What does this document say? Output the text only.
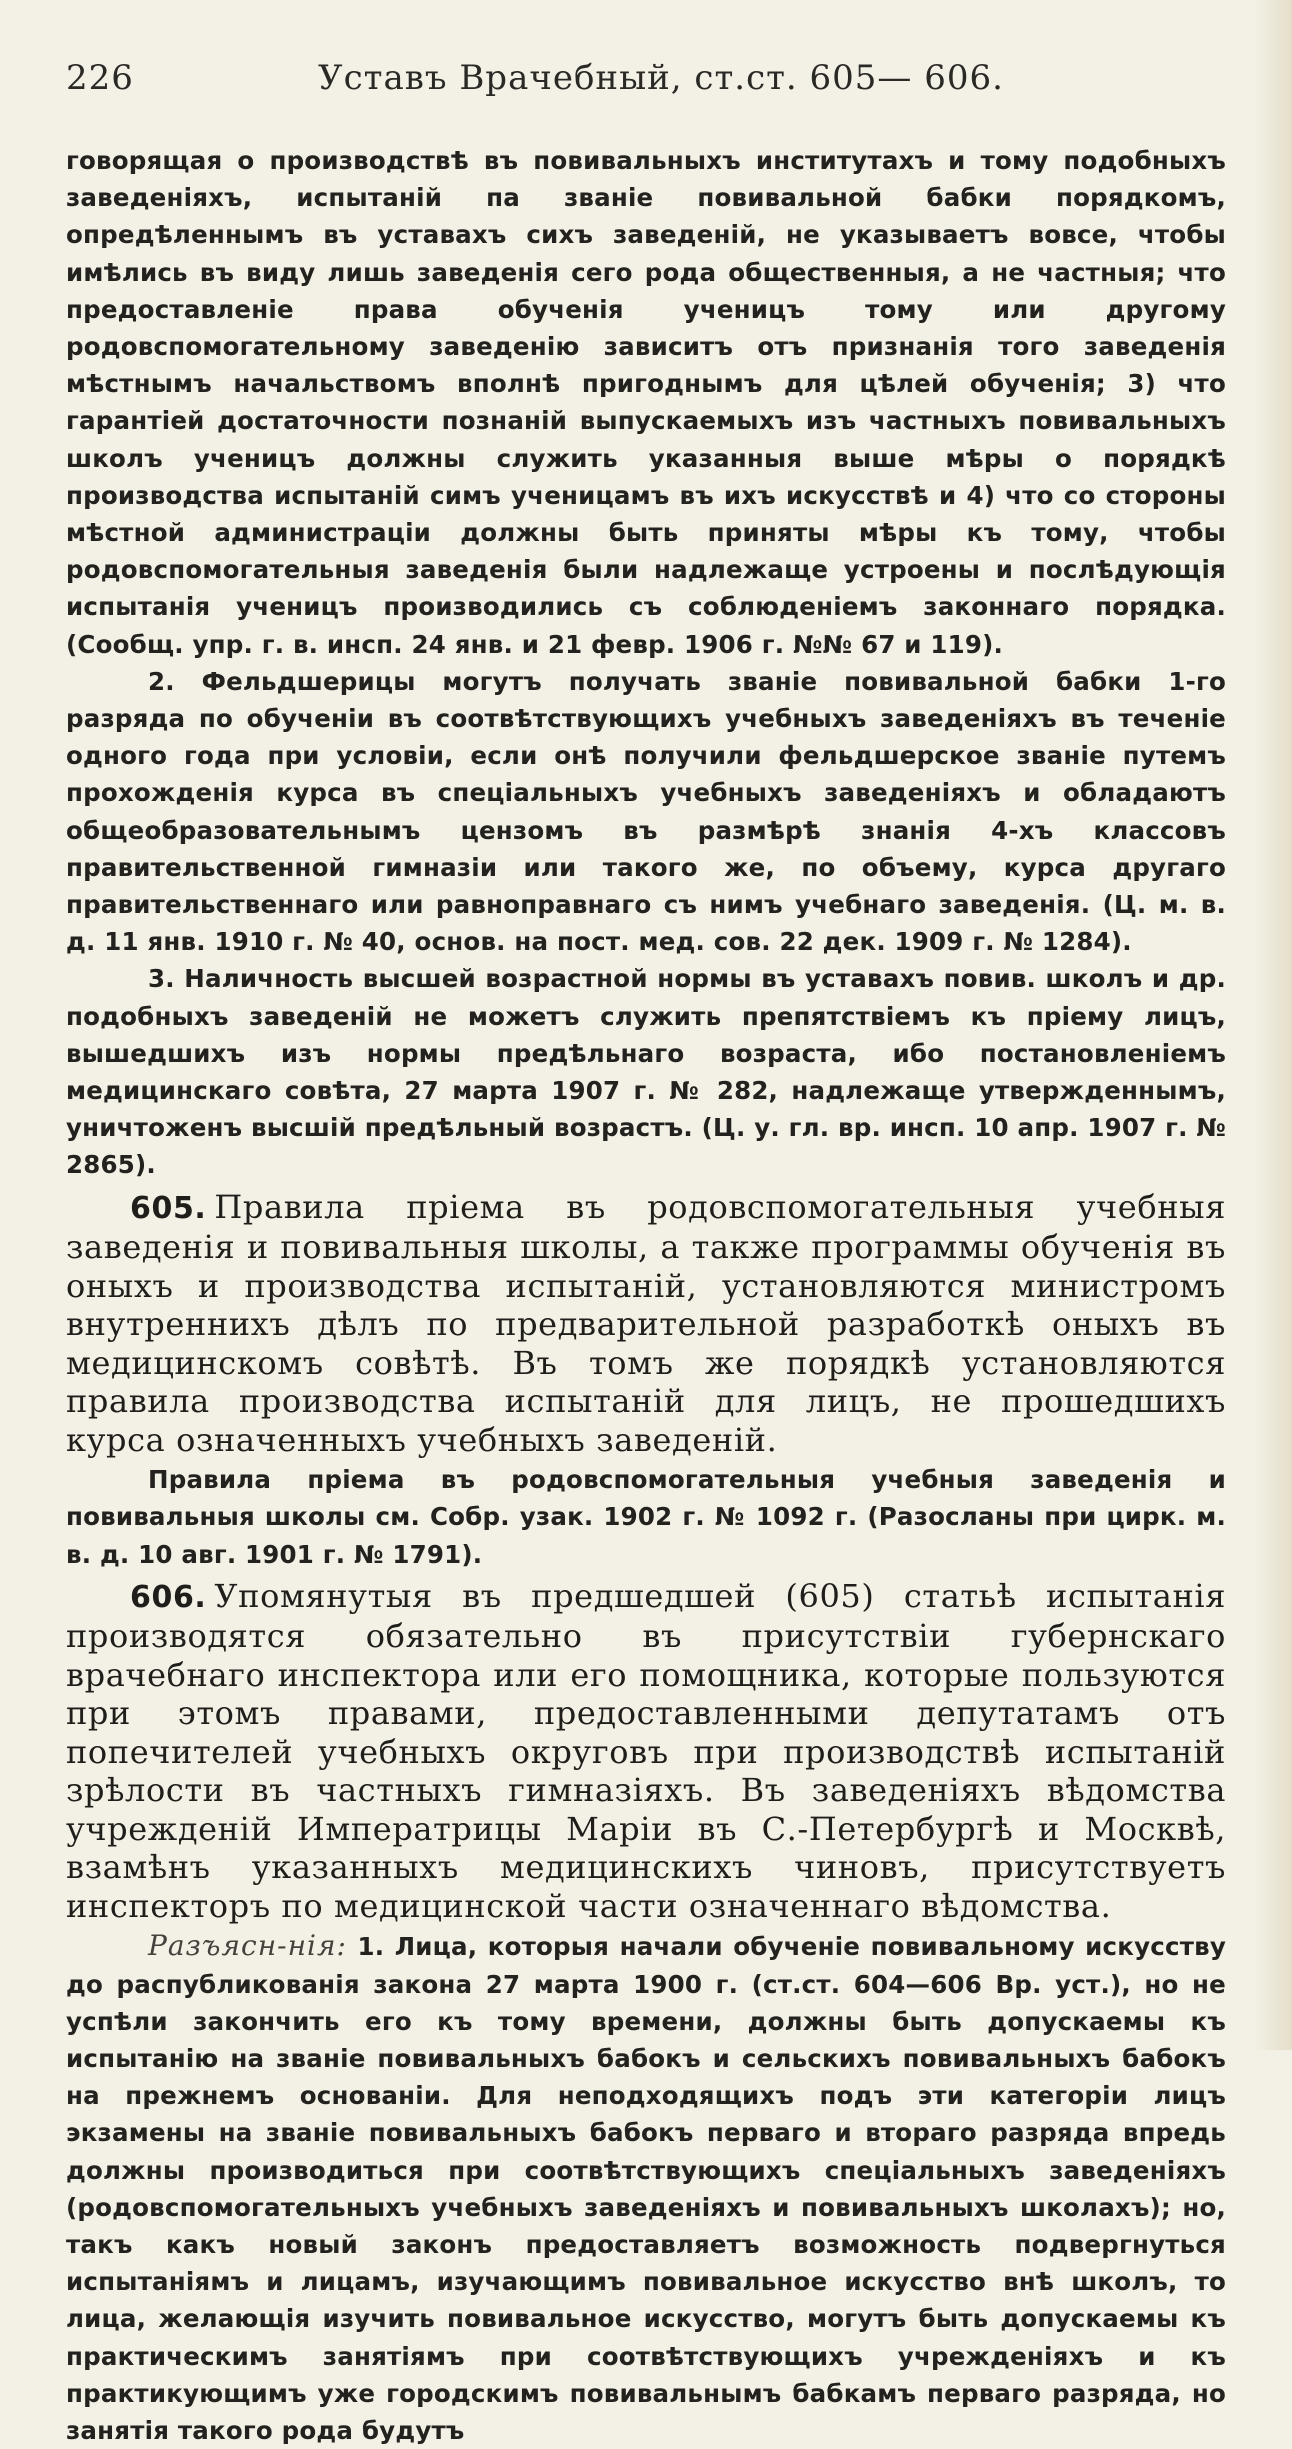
226	Уставъ Врачебный, ст.ст. 605— 606.

говорящая о производствѣ въ повивальныхъ институтахъ и тому подобныхъ заведеніяхъ, испытаній па званіе повивальной бабки порядкомъ, опредѣленнымъ въ уставахъ сихъ заведеній, не указываетъ вовсе, чтобы имѣлись въ виду лишь заведенія сего рода общественныя, а не частныя; что предоставленіе права обученія ученицъ тому или другому родовспомогательному заведенію зависитъ отъ признанія того заведенія мѣстнымъ начальствомъ вполнѣ пригоднымъ для цѣлей обученія; 3) что гарантіей достаточности познаній выпускаемыхъ изъ частныхъ повивальныхъ школъ ученицъ должны служить указанныя выше мѣры о порядкѣ производства испытаній симъ ученицамъ въ ихъ искусствѣ и 4) что со стороны мѣстной администраціи должны быть приняты мѣры къ тому, чтобы родовспомогательныя заведенія были надлежаще устроены и послѣдующія испытанія ученицъ производились съ соблюденіемъ законнаго порядка. (Сообщ. упр. г. в. инсп. 24 янв. и 21 февр. 1906 г. №№ 67 и 119).

2. Фельдшерицы могутъ получать званіе повивальной бабки 1-го разряда по обученіи въ соотвѣтствующихъ учебныхъ заведеніяхъ въ теченіе одного года при условіи, если онѣ получили фельдшерское званіе путемъ прохожденія курса въ спеціальныхъ учебныхъ заведеніяхъ и обладаютъ общеобразовательнымъ цензомъ въ размѣрѣ знанія 4-хъ классовъ правительственной гимназіи или такого же, по объему, курса другаго правительственнаго или равноправнаго съ нимъ учебнаго заведенія. (Ц. м. в. д. 11 янв. 1910 г. № 40, основ. на пост. мед. сов. 22 дек. 1909 г. № 1284).

3. Наличность высшей возрастной нормы въ уставахъ повив. школъ и др. подобныхъ заведеній не можетъ служить препятствіемъ къ пріему лицъ, вышедшихъ изъ нормы предѣльнаго возраста, ибо постановленіемъ медицинскаго совѣта, 27 марта 1907 г. № 282, надлежаще утвержденнымъ, уничтоженъ высшій предѣльный возрастъ. (Ц. у. гл. вр. инсп. 10 апр. 1907 г. № 2865).

605. Правила пріема въ родовспомогательныя учебныя заведенія и повивальныя школы, а также программы обученія въ оныхъ и производства испытаній, установляются министромъ внутреннихъ дѣлъ по предварительной разработкѣ оныхъ въ медицинскомъ совѣтѣ. Въ томъ же порядкѣ установляются правила производства испытаній для лицъ, не прошедшихъ курса означенныхъ учебныхъ заведеній.

Правила пріема въ родовспомогательныя учебныя заведенія и повивальныя школы см. Собр. узак. 1902 г. № 1092 г. (Разосланы при цирк. м. в. д. 10 авг. 1901 г. № 1791).

606. Упомянутыя въ предшедшей (605) статьѣ испытанія производятся обязательно въ присутствіи губернскаго врачебнаго инспектора или его помощника, которые пользуются при этомъ правами, предоставленными депутатамъ отъ попечителей учебныхъ округовъ при производствѣ испытаній зрѣлости въ частныхъ гимназіяхъ. Въ заведеніяхъ вѣдомства учрежденій Императрицы Маріи въ С.-Петербургѣ и Москвѣ, взамѣнъ указанныхъ медицинскихъ чиновъ, присутствуетъ инспекторъ по медицинской части означеннаго вѣдомства.

Разъясн-нія: 1. Лица, которыя начали обученіе повивальному искусству до распубликованія закона 27 марта 1900 г. (ст.ст. 604—606 Вр. уст.), но не успѣли закончить его къ тому времени, должны быть допускаемы къ испытанію на званіе повивальныхъ бабокъ и сельскихъ повивальныхъ бабокъ на прежнемъ основаніи. Для неподходящихъ подъ эти категоріи лицъ экзамены на званіе повивальныхъ бабокъ перваго и втораго разряда впредь должны производиться при соотвѣтствующихъ спеціальныхъ заведеніяхъ (родовспомогательныхъ учебныхъ заведеніяхъ и повивальныхъ школахъ); но, такъ какъ новый законъ предоставляетъ возможность подвергнуться испытаніямъ и лицамъ, изучающимъ повивальное искусство внѣ школъ, то лица, желающія изучить повивальное искусство, могутъ быть допускаемы къ практическимъ занятіямъ при соотвѣтствующихъ учрежденіяхъ и къ практикующимъ уже городскимъ повивальнымъ бабкамъ перваго разряда, но занятія такого рода будутъ
